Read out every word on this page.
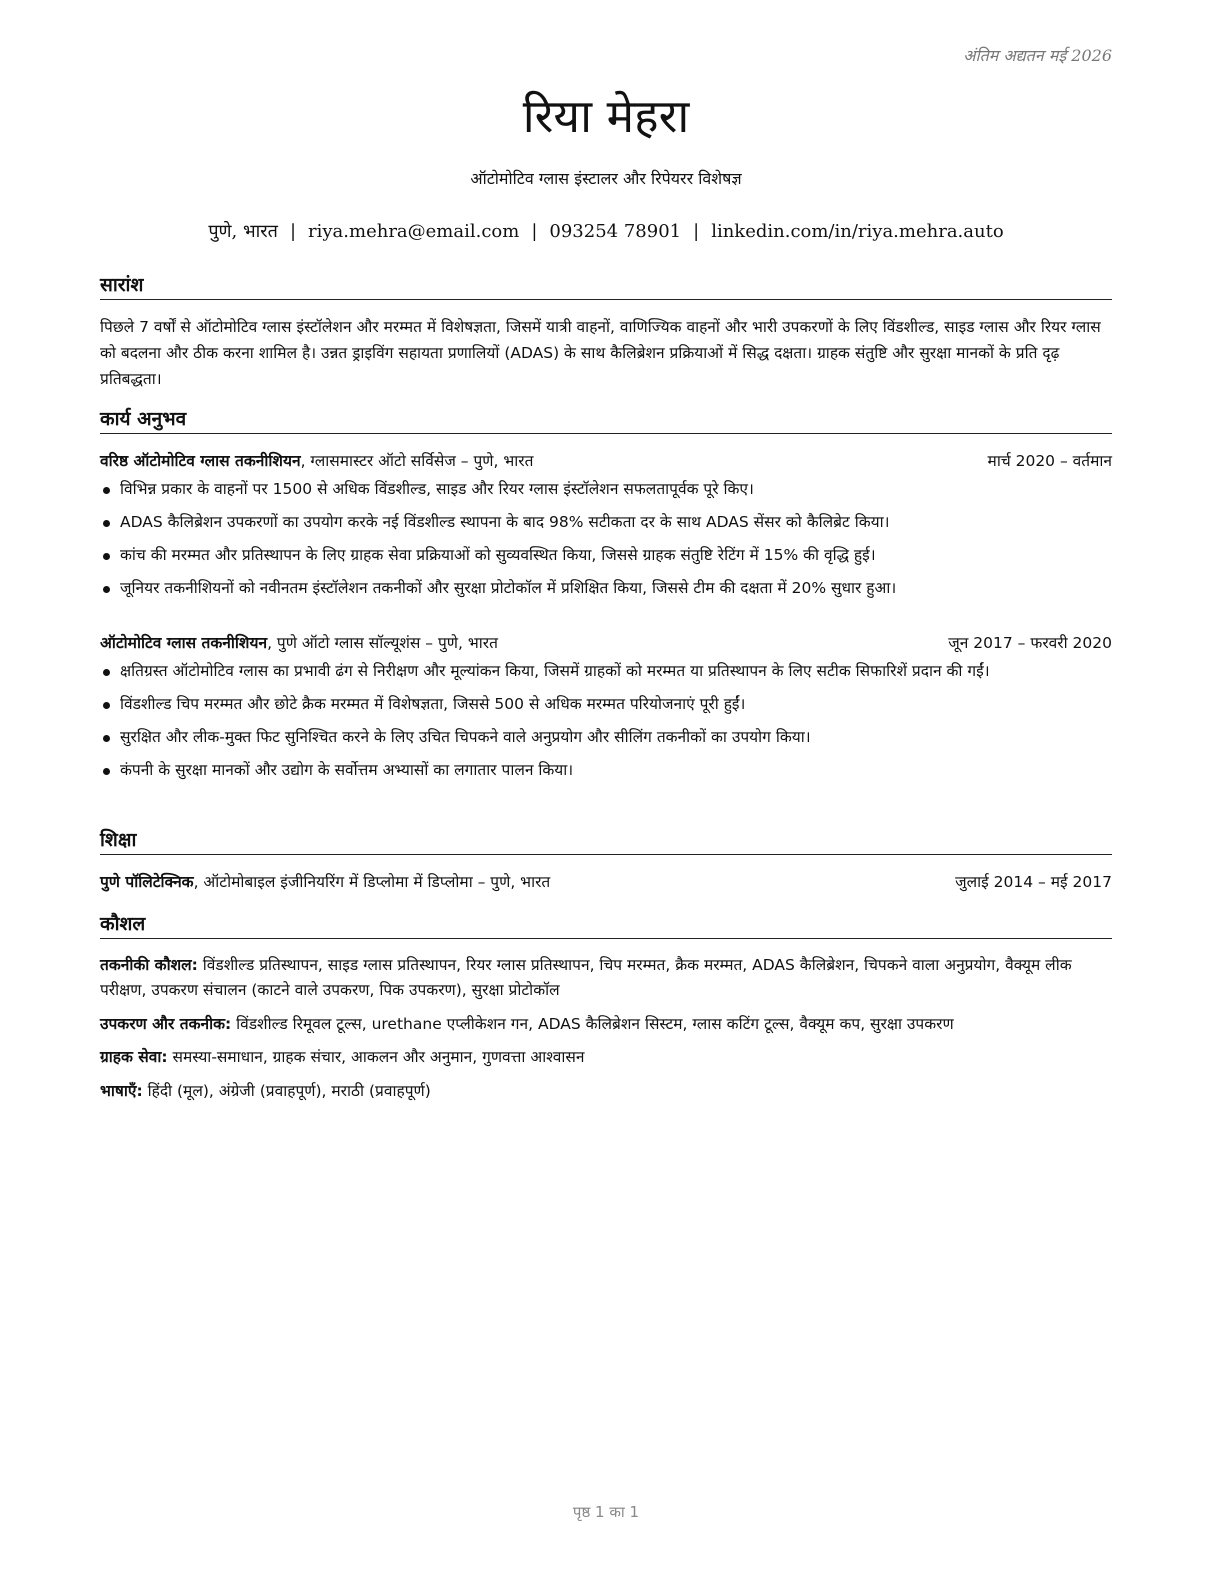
अंतिम अद्यतन मई 2026
रिया मेहरा
ऑटोमोटिव ग्लास इंस्टालर और रिपेयरर विशेषज्ञ
पुणे, भारत | riya.mehra@email.com | 093254 78901 | linkedin.com/in/riya.mehra.auto
सारांश
पिछले 7 वर्षों से ऑटोमोटिव ग्लास इंस्टॉलेशन और मरम्मत में विशेषज्ञता, जिसमें यात्री वाहनों, वाणिज्यिक वाहनों और भारी उपकरणों के लिए विंडशील्ड, साइड ग्लास और रियर ग्लास को बदलना और ठीक करना शामिल है। उन्नत ड्राइविंग सहायता प्रणालियों (ADAS) के साथ कैलिब्रेशन प्रक्रियाओं में सिद्ध दक्षता। ग्राहक संतुष्टि और सुरक्षा मानकों के प्रति दृढ़ प्रतिबद्धता।
कार्य अनुभव
वरिष्ठ ऑटोमोटिव ग्लास तकनीशियन, ग्लासमास्टर ऑटो सर्विसेज – पुणे, भारत	मार्च 2020 – वर्तमान
विभिन्न प्रकार के वाहनों पर 1500 से अधिक विंडशील्ड, साइड और रियर ग्लास इंस्टॉलेशन सफलतापूर्वक पूरे किए।
ADAS कैलिब्रेशन उपकरणों का उपयोग करके नई विंडशील्ड स्थापना के बाद 98% सटीकता दर के साथ ADAS सेंसर को कैलिब्रेट किया।
कांच की मरम्मत और प्रतिस्थापन के लिए ग्राहक सेवा प्रक्रियाओं को सुव्यवस्थित किया, जिससे ग्राहक संतुष्टि रेटिंग में 15% की वृद्धि हुई।
जूनियर तकनीशियनों को नवीनतम इंस्टॉलेशन तकनीकों और सुरक्षा प्रोटोकॉल में प्रशिक्षित किया, जिससे टीम की दक्षता में 20% सुधार हुआ।
ऑटोमोटिव ग्लास तकनीशियन, पुणे ऑटो ग्लास सॉल्यूशंस – पुणे, भारत	जून 2017 – फरवरी 2020
क्षतिग्रस्त ऑटोमोटिव ग्लास का प्रभावी ढंग से निरीक्षण और मूल्यांकन किया, जिसमें ग्राहकों को मरम्मत या प्रतिस्थापन के लिए सटीक सिफारिशें प्रदान की गईं।
विंडशील्ड चिप मरम्मत और छोटे क्रैक मरम्मत में विशेषज्ञता, जिससे 500 से अधिक मरम्मत परियोजनाएं पूरी हुईं।
सुरक्षित और लीक-मुक्त फिट सुनिश्चित करने के लिए उचित चिपकने वाले अनुप्रयोग और सीलिंग तकनीकों का उपयोग किया।
कंपनी के सुरक्षा मानकों और उद्योग के सर्वोत्तम अभ्यासों का लगातार पालन किया।
शिक्षा
पुणे पॉलिटेक्निक, ऑटोमोबाइल इंजीनियरिंग में डिप्लोमा में डिप्लोमा – पुणे, भारत	जुलाई 2014 – मई 2017
कौशल
तकनीकी कौशल: विंडशील्ड प्रतिस्थापन, साइड ग्लास प्रतिस्थापन, रियर ग्लास प्रतिस्थापन, चिप मरम्मत, क्रैक मरम्मत, ADAS कैलिब्रेशन, चिपकने वाला अनुप्रयोग, वैक्यूम लीक परीक्षण, उपकरण संचालन (काटने वाले उपकरण, पिक उपकरण), सुरक्षा प्रोटोकॉल
उपकरण और तकनीक: विंडशील्ड रिमूवल टूल्स, urethane एप्लीकेशन गन, ADAS कैलिब्रेशन सिस्टम, ग्लास कटिंग टूल्स, वैक्यूम कप, सुरक्षा उपकरण
ग्राहक सेवा: समस्या-समाधान, ग्राहक संचार, आकलन और अनुमान, गुणवत्ता आश्वासन
भाषाएँ: हिंदी (मूल), अंग्रेजी (प्रवाहपूर्ण), मराठी (प्रवाहपूर्ण)
पृष्ठ 1 का 1
